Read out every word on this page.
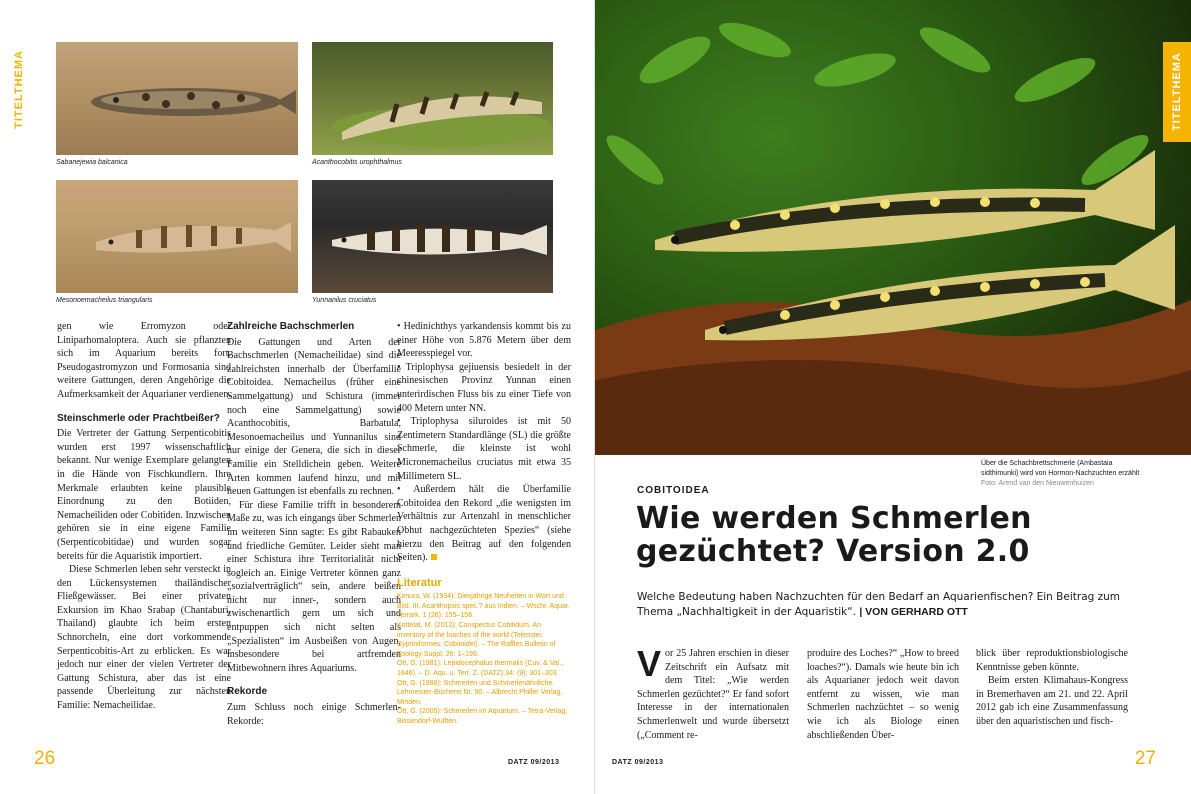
TITELTHEMA
Sabanejewia balcanica	Acanthocobitis urophthalmus
Mesonoemacheilus triangularis	Yunnanilus cruciatus

gen wie Erromyzon oder Liniparhomaloptera. Auch sie pflanzten sich im Aquarium bereits fort. Pseudogastromyzon und Formosania sind weitere Gattungen, deren Angehörige die Aufmerksamkeit der Aquarianer verdienen.

Steinschmerle oder Prachtbeißer?

Die Vertreter der Gattung Serpenticobitis wurden erst 1997 wissenschaftlich bekannt. Nur wenige Exemplare gelangten in die Hände von Fischkundlern. Ihre Merkmale erlaubten keine plausible Einordnung zu den Botiiden, Nemacheiliden oder Cobitiden. Inzwischen gehören sie in eine eigene Familie (Serpenticobitidae) und wurden sogar bereits für die Aquaristik importiert.

Diese Schmerlen leben sehr versteckt in den Lückensystemen thailändischer Fließgewässer. Bei einer privaten Exkursion im Khao Srabap (Chantaburi, Thailand) glaubte ich beim ersten Schnorcheln, eine dort vorkommende Serpenticobitis-Art zu erblicken. Es war jedoch nur einer der vielen Vertreter der Gattung Schistura, aber das ist eine passende Überleitung zur nächsten Familie: Nemacheilidae.

Zahlreiche Bachschmerlen

Die Gattungen und Arten der Bachschmerlen (Nemacheilidae) sind die zahlreichsten innerhalb der Überfamilie Cobitoidea. Nemacheilus (früher eine Sammelgattung) und Schistura (immer noch eine Sammelgattung) sowie Acanthocobitis, Barbatula, Mesonoemacheilus und Yunnanilus sind nur einige der Genera, die sich in dieser Familie ein Stelldichein geben. Weitere Arten kommen laufend hinzu, und mit neuen Gattungen ist ebenfalls zu rechnen.

Für diese Familie trifft in besonderem Maße zu, was ich eingangs über Schmerlen im weiteren Sinn sagte: Es gibt Rabauken und friedliche Gemüter. Leider sieht man einer Schistura ihre Territorialität nicht sogleich an. Einige Vertreter können ganz „sozialverträglich“ sein, andere beißen nicht nur inner-, sondern auch zwischenartlich gern um sich und entpuppen sich nicht selten als „Spezialisten“ im Ausbeißen von Augen, insbesondere bei artfremden Mitbewohnern ihres Aquariums.

Rekorde

Zum Schluss noch einige Schmerlen-Rekorde:

• Hedinichthys yarkandensis kommt bis zu einer Höhe von 5.876 Metern über dem Meeresspiegel vor.

• Triplophysa gejiuensis besiedelt in der chinesischen Provinz Yunnan einen unterirdischen Fluss bis zu einer Tiefe von 400 Metern unter NN.

• Triplophysa siluroides ist mit 50 Zentimetern Standardlänge (SL) die größte Schmerle, die kleinste ist wohl Micronemacheilus cruciatus mit etwa 35 Millimetern SL.

• Außerdem hält die Überfamilie Cobitoidea den Rekord „die wenigsten im Verhältnis zur Artenzahl in menschlicher Obhut nachgezüchteten Spezies“ (siehe hierzu den Beitrag auf den folgenden Seiten).

Literatur
Kimura, W. (1934): Diesjährige Neuheiten in Wort und Bild. III. Acanthopsis spec.? aus Indien. – Wschr. Aquar. Terrark. 1 (26): 155–156.
Kottelat, M. (2012): Conspectus Cobitidum. An inventory of the loaches of the world (Teleostei: Cypriniformes: Cobitoidei). – The Raffles Bulletin of Zoology Suppl. 26: 1–199.
Ott, G. (1981): Lepidocephalus thermalis (Cuv. & Val., 1846). – D. Aqu. u. Terr. Z. (DATZ) 34: (9): 301–303.
Ott, G. (1988): Schmerlen und Schmerlenähnliche. Lehmeister-Bücherei Nr. 90. – Albrecht Philler Verlag, Minden.
Ott, G. (2005): Schmerlen im Aquarium. – Tetra-Verlag, Bissendorf-Wulften.
26	DATZ 09/2013
TITELTHEMA
Über die Schachbrettschmerle (Ambastaia sidthimunki) wird von Hormon-Nachzuchten erzählt Foto: Arend van den Nieuwenhuizen
COBITOIDEA
Wie werden Schmerlen gezüchtet? Version 2.0
Welche Bedeutung haben Nachzuchten für den Bedarf an Aquarienfischen? Ein Beitrag zum Thema „Nachhaltigkeit in der Aquaristik“. | VON GERHARD OTT
Vor 25 Jahren erschien in dieser Zeitschrift ein Aufsatz mit dem Titel: „Wie werden Schmerlen gezüchtet?“ Er fand sofort Interesse in der internationalen Schmerlenwelt und wurde übersetzt („Comment re-
produire des Loches?“ „How to breed loaches?“). Damals wie heute bin ich als Aquarianer jedoch weit davon entfernt zu wissen, wie man Schmerlen nachzüchtet – so wenig wie ich als Biologe einen abschließenden Über-

blick über reproduktionsbiologische Kenntnisse geben könnte.

Beim ersten Klimahaus-Kongress in Bremerhaven am 21. und 22. April 2012 gab ich eine Zusammenfassung über den aquaristischen und fisch-

DATZ 09/2013	27
